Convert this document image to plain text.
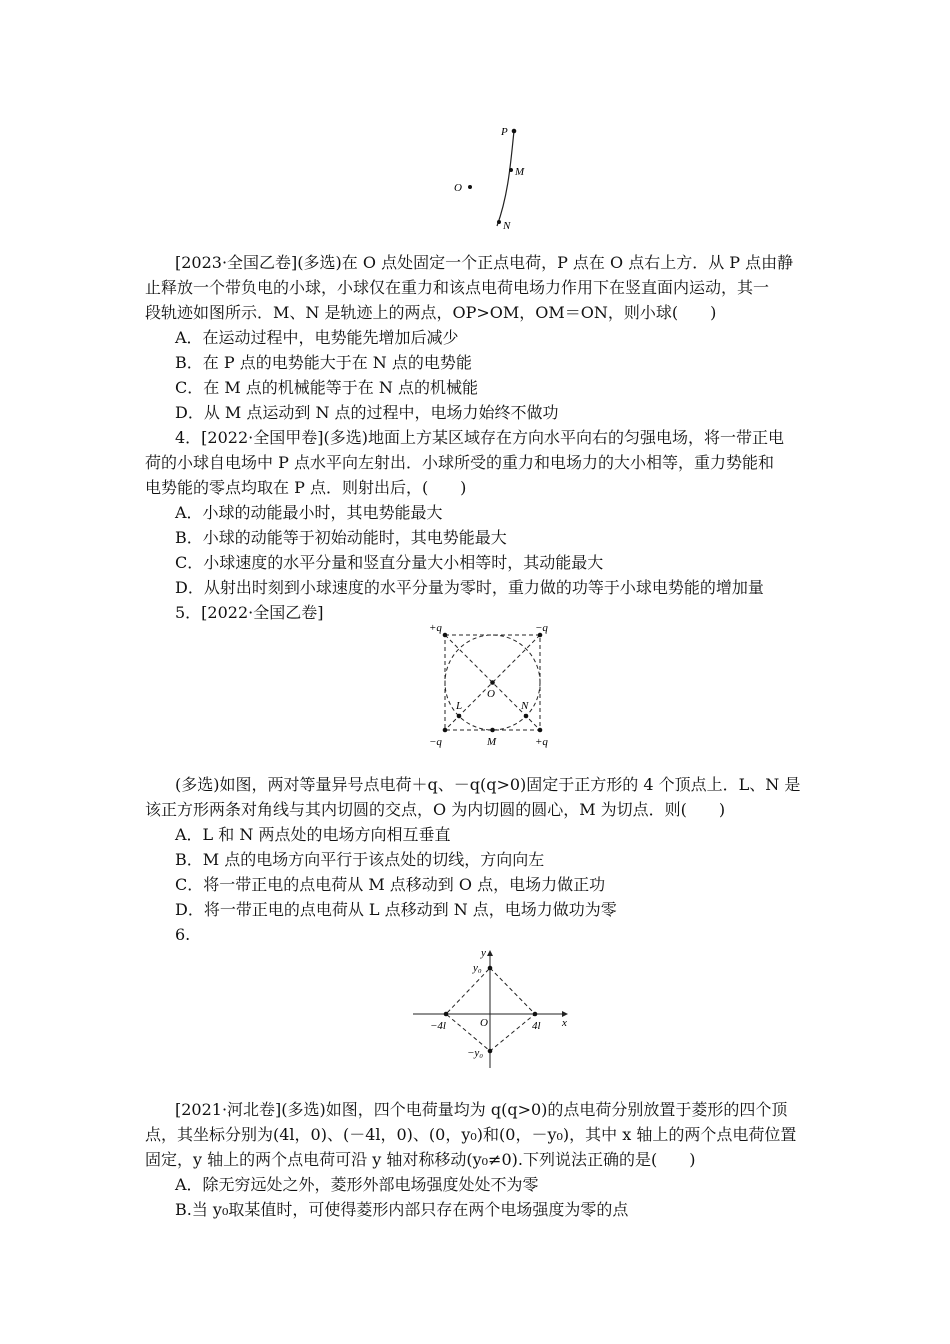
P
M
O
N

[2023·全国乙卷](多选)在 O 点处固定一个正点电荷，P 点在 O 点右上方．从 P 点由静

止释放一个带负电的小球，小球仅在重力和该点电荷电场力作用下在竖直面内运动，其一

段轨迹如图所示．M、N 是轨迹上的两点，OP>OM，OM＝ON，则小球(　　)

A．在运动过程中，电势能先增加后减少

B．在 P 点的电势能大于在 N 点的电势能

C．在 M 点的机械能等于在 N 点的机械能

D．从 M 点运动到 N 点的过程中，电场力始终不做功

4．[2022·全国甲卷](多选)地面上方某区域存在方向水平向右的匀强电场，将一带正电

荷的小球自电场中 P 点水平向左射出．小球所受的重力和电场力的大小相等，重力势能和

电势能的零点均取在 P 点．则射出后，(　　)

A．小球的动能最小时，其电势能最大

B．小球的动能等于初始动能时，其电势能最大

C．小球速度的水平分量和竖直分量大小相等时，其动能最大

D．从射出时刻到小球速度的水平分量为零时，重力做的功等于小球电势能的增加量

5．[2022·全国乙卷]

+q	−q
−q	+q
O
L	N
M

(多选)如图，两对等量异号点电荷＋q、－q(q>0)固定于正方形的 4 个顶点上．L、N 是

该正方形两条对角线与其内切圆的交点，O 为内切圆的圆心，M 为切点．则(　　)

A．L 和 N 两点处的电场方向相互垂直

B．M 点的电场方向平行于该点处的切线，方向向左

C．将一带正电的点电荷从 M 点移动到 O 点，电场力做正功

D．将一带正电的点电荷从 L 点移动到 N 点，电场力做功为零

6.

y
x
O
y₀
−y₀
4l
−4l

[2021·河北卷](多选)如图，四个电荷量均为 q(q>0)的点电荷分别放置于菱形的四个顶

点，其坐标分别为(4l，0)、(－4l，0)、(0，y₀)和(0，－y₀)，其中 x 轴上的两个点电荷位置

固定，y 轴上的两个点电荷可沿 y 轴对称移动(y₀≠0).下列说法正确的是(　　)

A．除无穷远处之外，菱形外部电场强度处处不为零

B.当 y₀取某值时，可使得菱形内部只存在两个电场强度为零的点
